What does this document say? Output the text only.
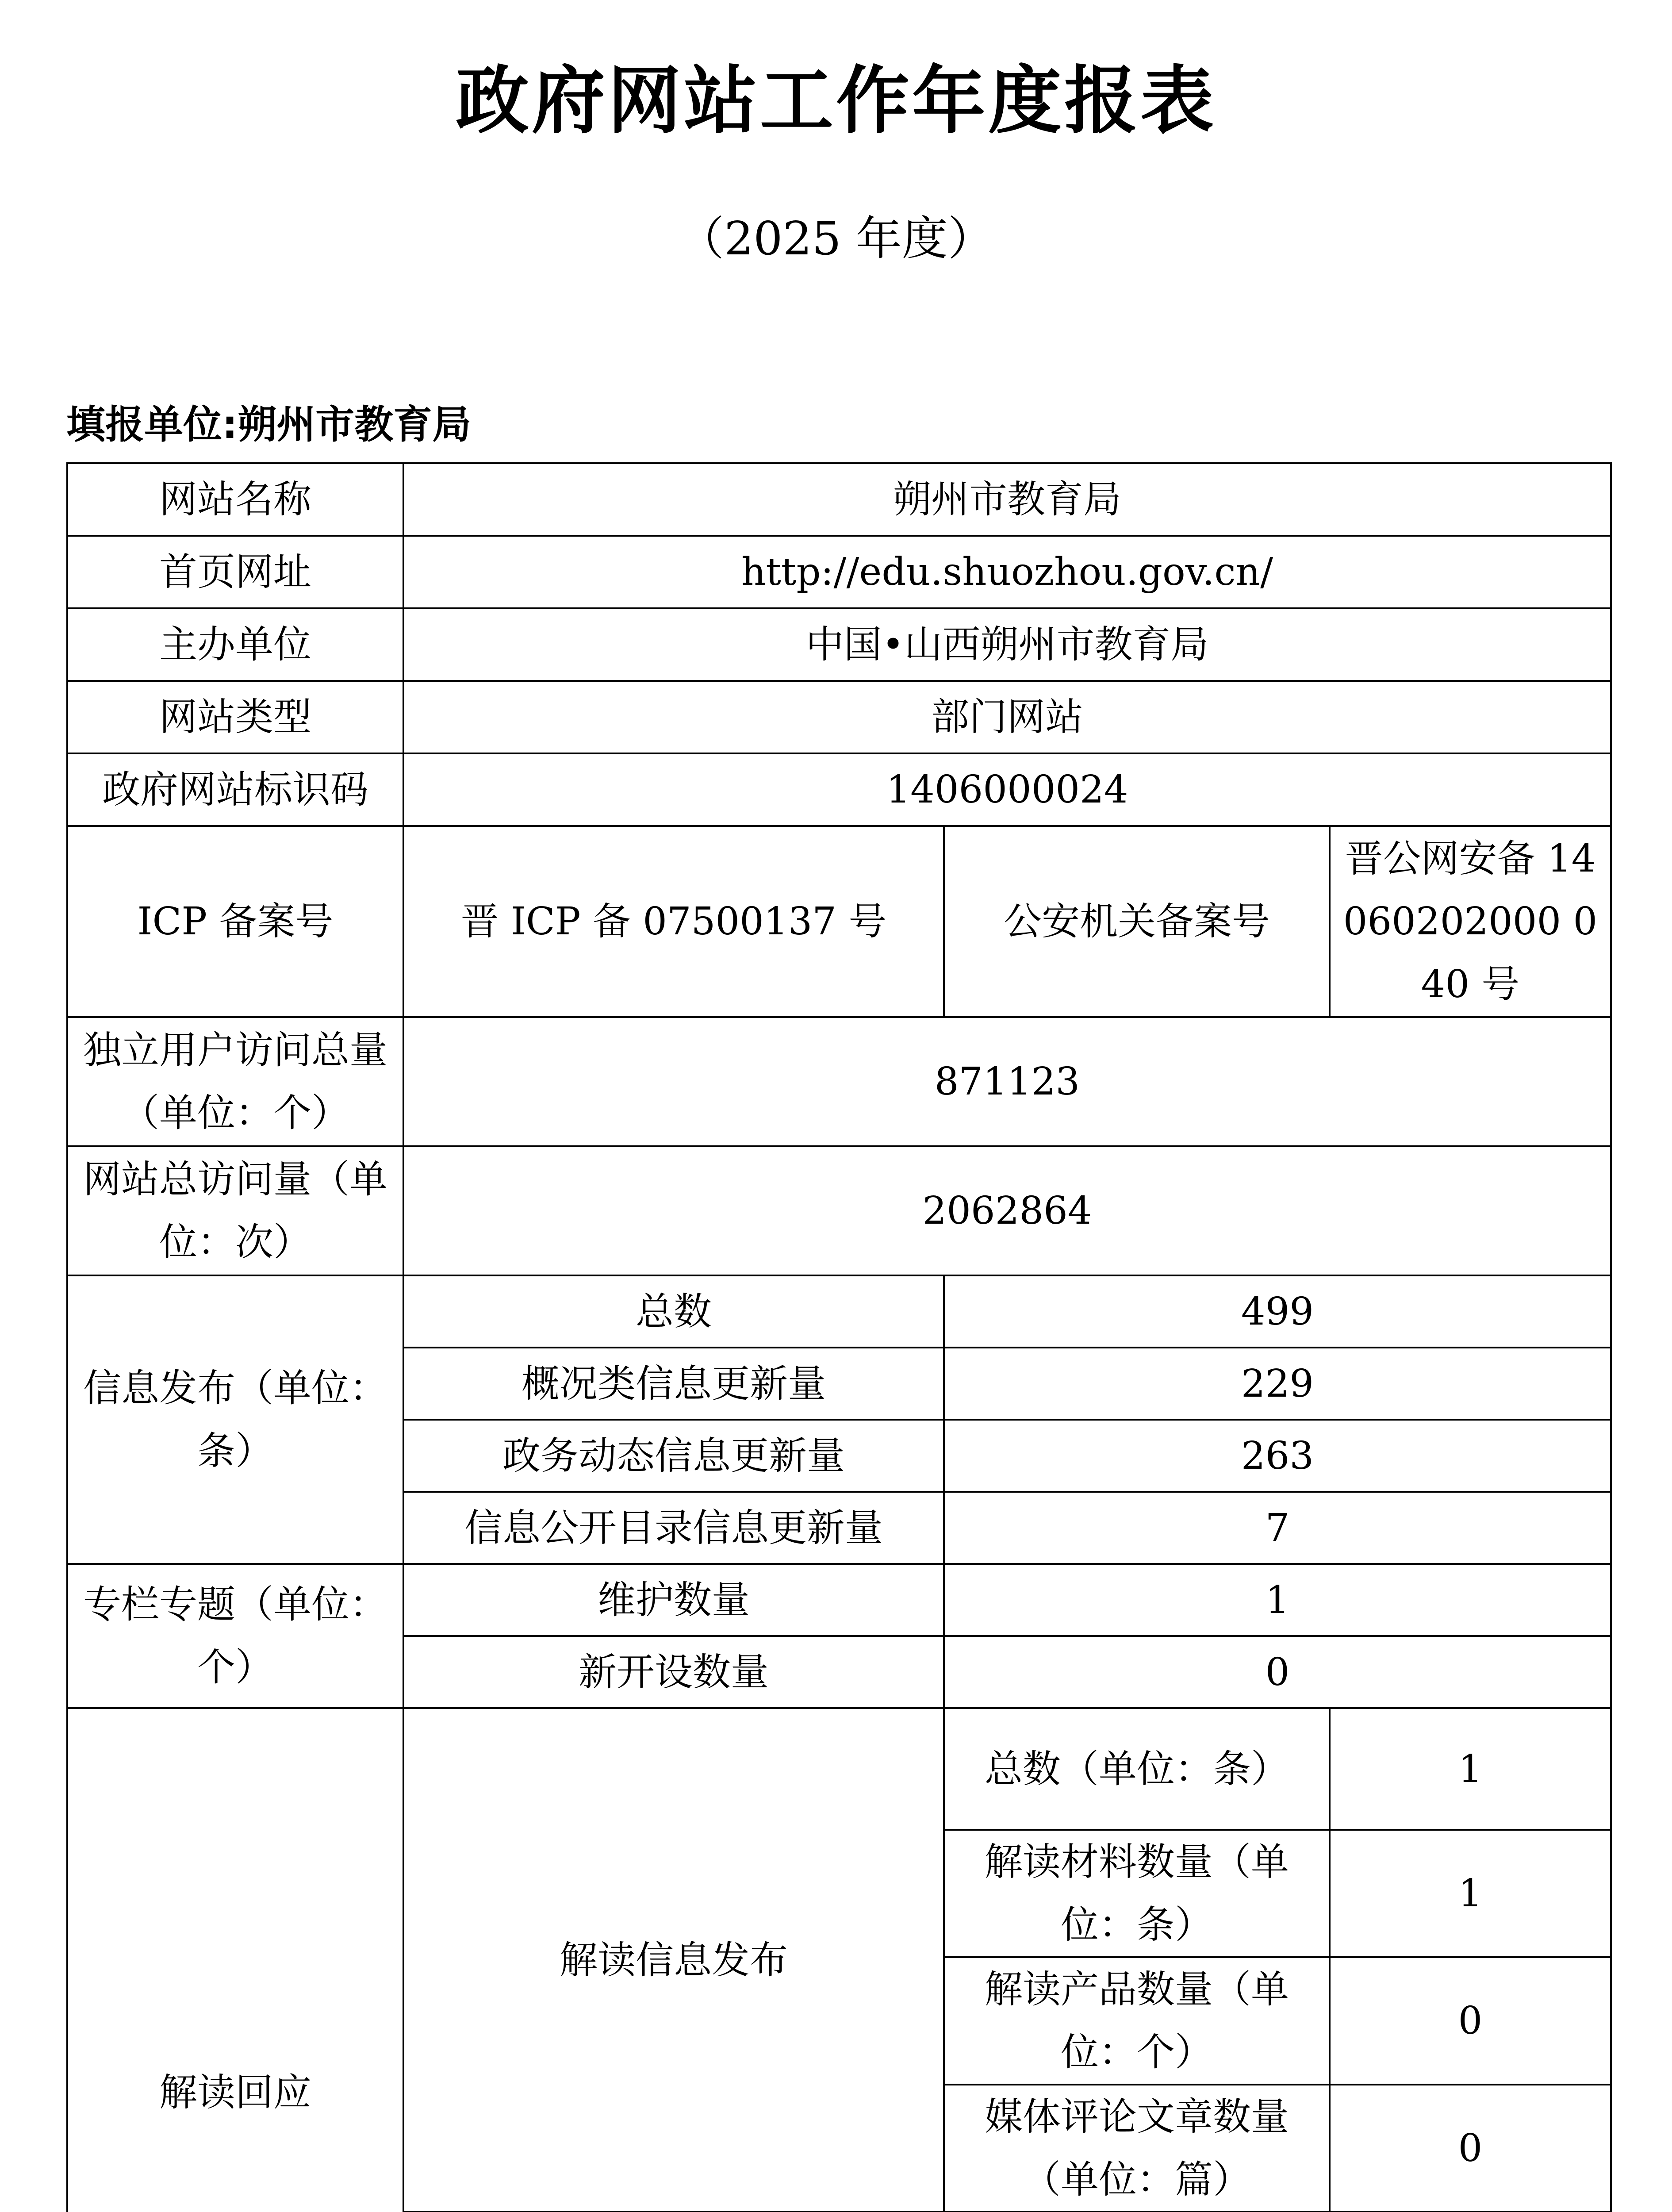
政府网站工作年度报表
（2025 年度）
填报单位:朔州市教育局
网站名称	朔州市教育局		
首页网址	http://edu.shuozhou.gov.cn/		
主办单位	中国•山西朔州市教育局		
网站类型	部门网站		
政府网站标识码	1406000024		
ICP 备案号	晋 ICP 备 07500137 号	公安机关备案号	晋公网安备 14060202000 040 号
独立用户访问总量（单位：个）	871123		
网站总访问量（单位：次）	2062864		
信息发布（单位：条）	总数	499	
	概况类信息更新量	229	
	政务动态信息更新量	263	
	信息公开目录信息更新量	7	
专栏专题（单位：个）	维护数量	1	
	新开设数量	0	
解读回应	解读信息发布	总数（单位：条）	1
		解读材料数量（单位：条）	1
		解读产品数量（单位：个）	0
		媒体评论文章数量（单位：篇）	0
